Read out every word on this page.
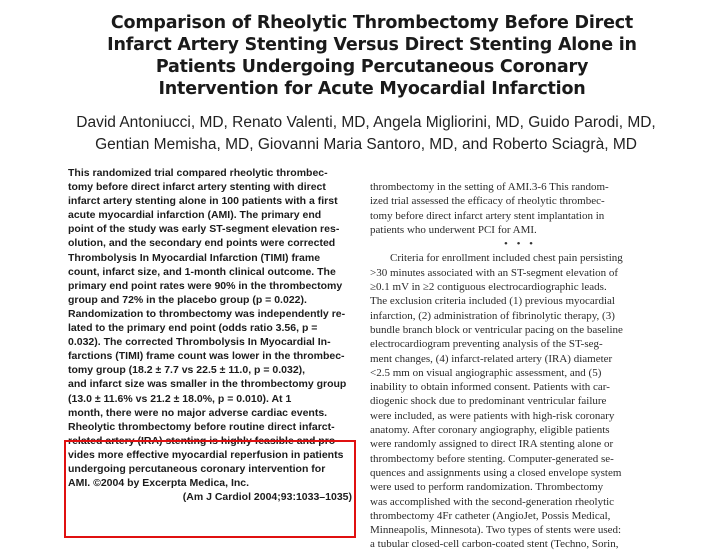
Comparison of Rheolytic Thrombectomy Before Direct
Infarct Artery Stenting Versus Direct Stenting Alone in
Patients Undergoing Percutaneous Coronary
Intervention for Acute Myocardial Infarction
David Antoniucci, MD, Renato Valenti, MD, Angela Migliorini, MD, Guido Parodi, MD,
Gentian Memisha, MD, Giovanni Maria Santoro, MD, and Roberto Sciagrà, MD
This randomized trial compared rheolytic thrombec-
tomy before direct infarct artery stenting with direct
infarct artery stenting alone in 100 patients with a first
acute myocardial infarction (AMI). The primary end
point of the study was early ST-segment elevation res-
olution, and the secondary end points were corrected
Thrombolysis In Myocardial Infarction (TIMI) frame
count, infarct size, and 1-month clinical outcome. The
primary end point rates were 90% in the thrombectomy
group and 72% in the placebo group (p = 0.022).
Randomization to thrombectomy was independently re-
lated to the primary end point (odds ratio 3.56, p =
0.032). The corrected Thrombolysis In Myocardial In-
farctions (TIMI) frame count was lower in the thrombec-
tomy group (18.2 ± 7.7 vs 22.5 ± 11.0, p = 0.032),
and infarct size was smaller in the thrombectomy group
(13.0 ± 11.6% vs 21.2 ± 18.0%, p = 0.010). At 1
month, there were no major adverse cardiac events.
Rheolytic thrombectomy before routine direct infarct-
related artery (IRA) stenting is highly feasible and pro-
vides more effective myocardial reperfusion in patients
undergoing percutaneous coronary intervention for
AMI. ©2004 by Excerpta Medica, Inc.
(Am J Cardiol 2004;93:1033–1035)
thrombectomy in the setting of AMI.3-6 This random-
ized trial assessed the efficacy of rheolytic thrombec-
tomy before direct infarct artery stent implantation in
patients who underwent PCI for AMI.
• • •
Criteria for enrollment included chest pain persisting
>30 minutes associated with an ST-segment elevation of
≥0.1 mV in ≥2 contiguous electrocardiographic leads.
The exclusion criteria included (1) previous myocardial
infarction, (2) administration of fibrinolytic therapy, (3)
bundle branch block or ventricular pacing on the baseline
electrocardiogram preventing analysis of the ST-seg-
ment changes, (4) infarct-related artery (IRA) diameter
<2.5 mm on visual angiographic assessment, and (5)
inability to obtain informed consent. Patients with car-
diogenic shock due to predominant ventricular failure
were included, as were patients with high-risk coronary
anatomy. After coronary angiography, eligible patients
were randomly assigned to direct IRA stenting alone or
thrombectomy before stenting. Computer-generated se-
quences and assignments using a closed envelope system
were used to perform randomization. Thrombectomy
was accomplished with the second-generation rheolytic
thrombectomy 4Fr catheter (AngioJet, Possis Medical,
Minneapolis, Minnesota). Two types of stents were used:
a tubular closed-cell carbon-coated stent (Techno, Sorin,
